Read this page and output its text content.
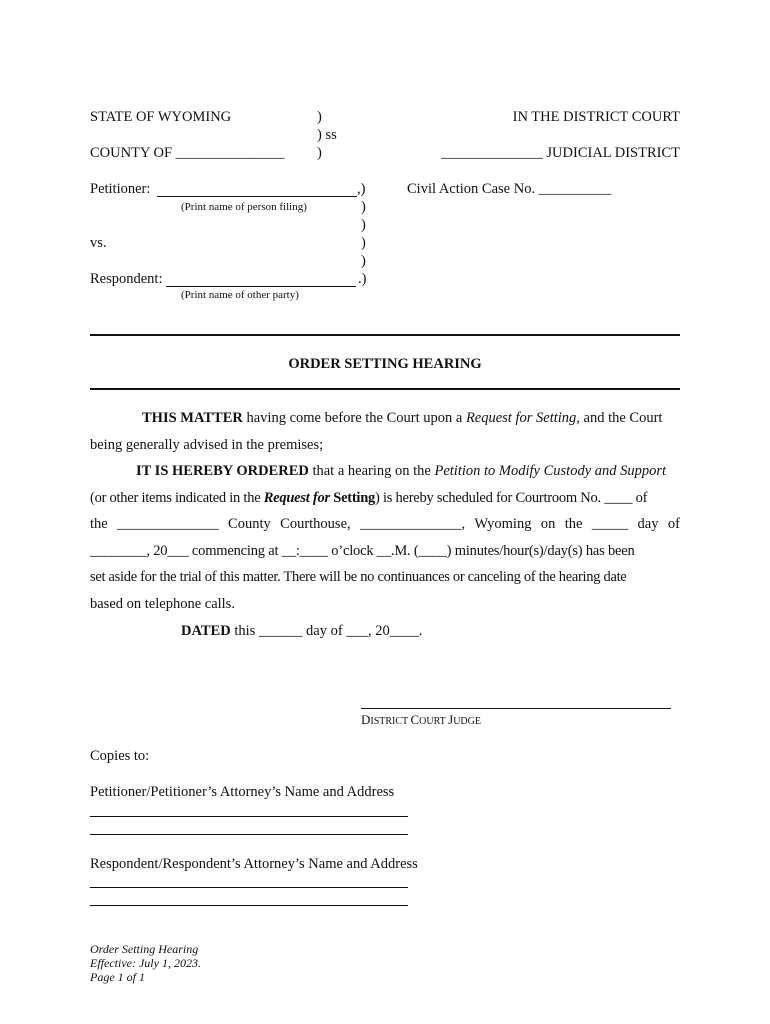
STATE OF WYOMING	)
) ss
)
COUNTY OF _______________
IN THE DISTRICT COURT
______________ JUDICIAL DISTRICT
Petitioner:	,)
(Print name of person filing)	)
)
)
)
Civil Action Case No. __________
vs.
Respondent:	.)
(Print name of other party)
ORDER SETTING HEARING
THIS MATTER having come before the Court upon a Request for Setting, and the Court
being generally advised in the premises;
IT IS HEREBY ORDERED that a hearing on the Petition to Modify Custody and Support
(or other items indicated in the Request for Setting) is hereby scheduled for Courtroom No. ____ of
the ______________ County Courthouse, ______________, Wyoming on the _____ day of
________, 20___ commencing at __:____ o’clock __.M. (____) minutes/hour(s)/day(s) has been
set aside for the trial of this matter. There will be no continuances or canceling of the hearing date
based on telephone calls.
DATED this ______ day of ___, 20____.
DISTRICT COURT JUDGE
Copies to:
Petitioner/Petitioner’s Attorney’s Name and Address
Respondent/Respondent’s Attorney’s Name and Address
Order Setting Hearing
Effective: July 1, 2023.
Page 1 of 1
